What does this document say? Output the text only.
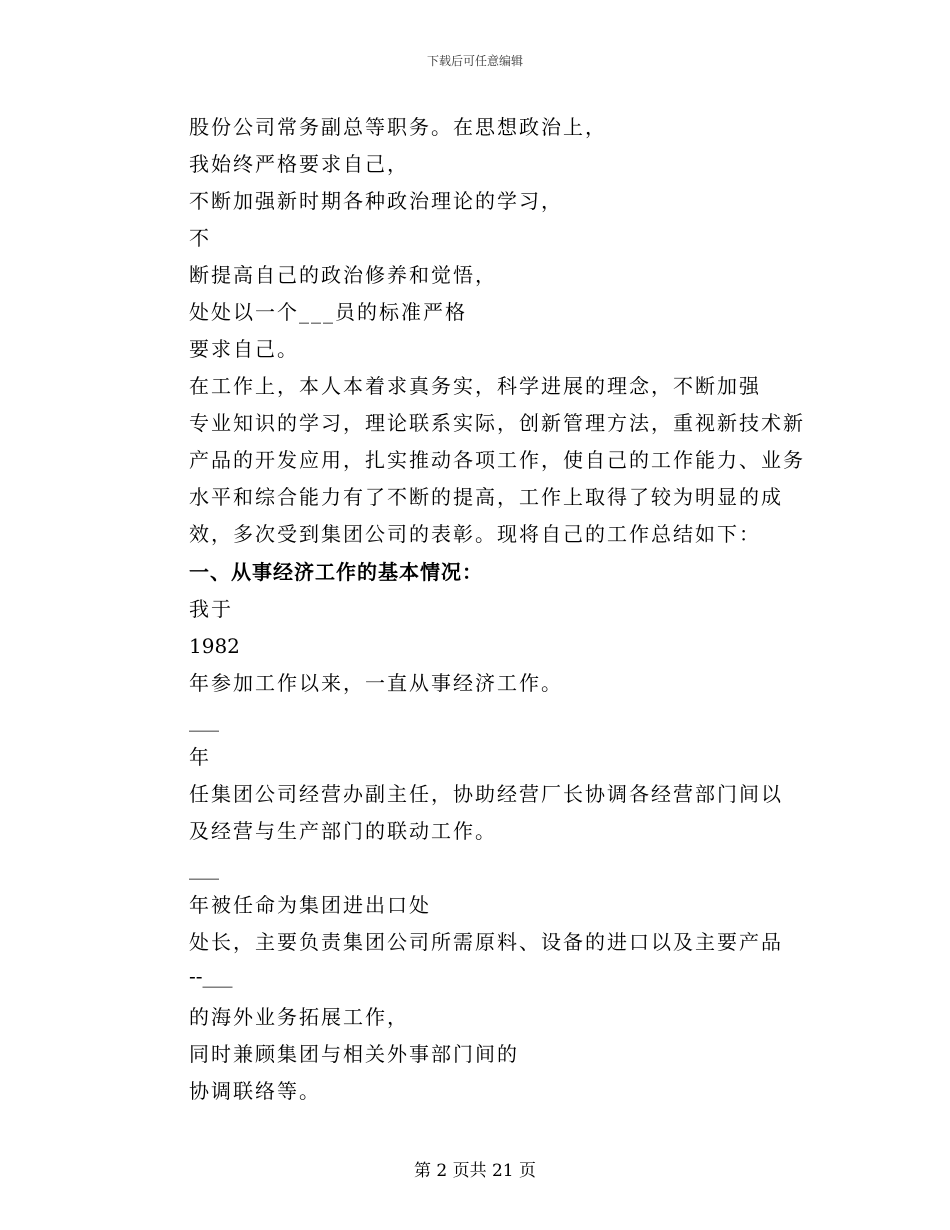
下载后可任意编辑
股份公司常务副总等职务。在思想政治上，
我始终严格要求自己，
不断加强新时期各种政治理论的学习，
不
断提高自己的政治修养和觉悟，
处处以一个___员的标准严格
要求自己。
在工作上，本人本着求真务实，科学进展的理念，不断加强
专业知识的学习，理论联系实际，创新管理方法，重视新技术新
产品的开发应用，扎实推动各项工作，使自己的工作能力、业务
水平和综合能力有了不断的提高，工作上取得了较为明显的成
效，多次受到集团公司的表彰。现将自己的工作总结如下：
一、从事经济工作的基本情况：
我于
1982
年参加工作以来，一直从事经济工作。
___
年
任集团公司经营办副主任，协助经营厂长协调各经营部门间以
及经营与生产部门的联动工作。
___
年被任命为集团进出口处
处长，主要负责集团公司所需原料、设备的进口以及主要产品
--___
的海外业务拓展工作，
同时兼顾集团与相关外事部门间的
协调联络等。
第 2 页共 21 页
